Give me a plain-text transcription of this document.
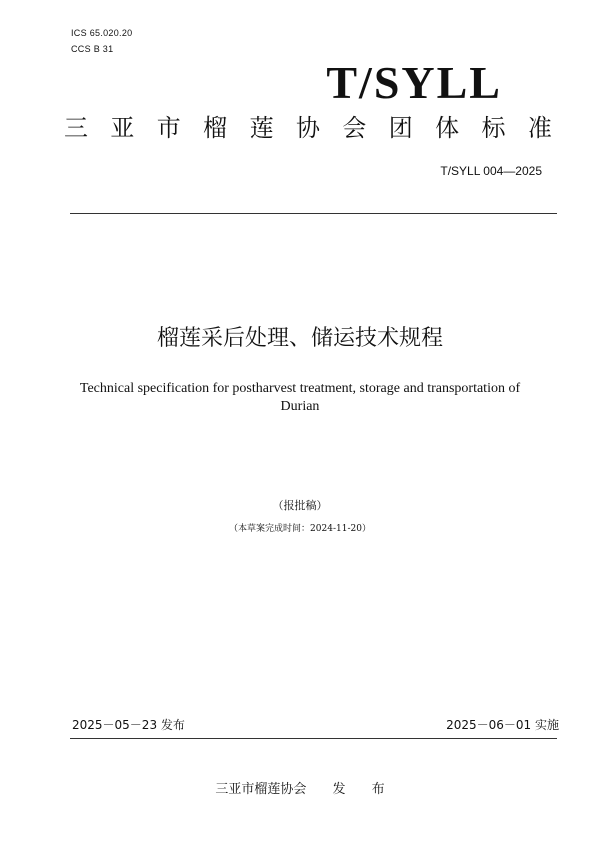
ICS 65.020.20
CCS B 31
T/SYLL
三 亚 市 榴 莲 协 会 团 体 标 准
T/SYLL 004—2025
榴莲采后处理、储运技术规程
Technical specification for postharvest treatment, storage and transportation of Durian
（报批稿）
（本草案完成时间：2024-11-20）
2025－05－23 发布	2025－06－01 实施
三亚市榴莲协会 发 布
